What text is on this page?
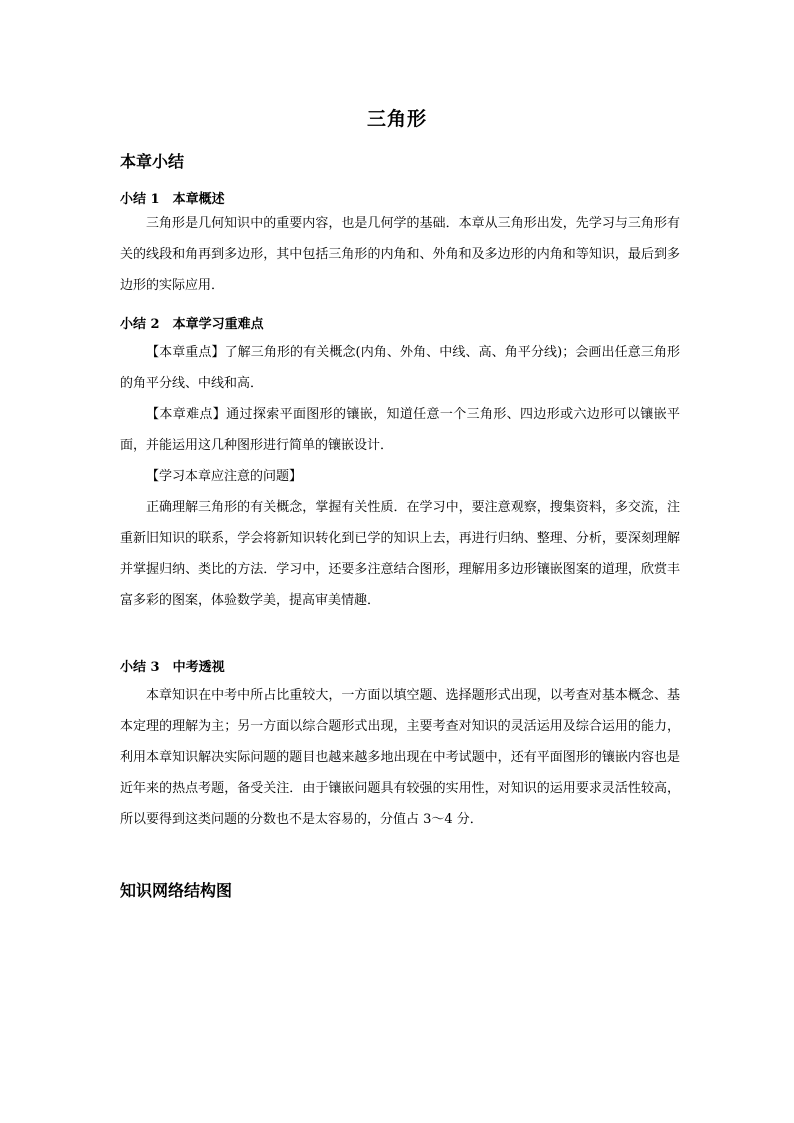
三角形
本章小结
小结 1　本章概述
三角形是几何知识中的重要内容，也是几何学的基础．本章从三角形出发，先学习与三角形有关的线段和角再到多边形，其中包括三角形的内角和、外角和及多边形的内角和等知识，最后到多边形的实际应用．
小结 2　本章学习重难点
【本章重点】了解三角形的有关概念(内角、外角、中线、高、角平分线)；会画出任意三角形的角平分线、中线和高．
【本章难点】通过探索平面图形的镶嵌，知道任意一个三角形、四边形或六边形可以镶嵌平面，并能运用这几种图形进行简单的镶嵌设计．
【学习本章应注意的问题】
正确理解三角形的有关概念，掌握有关性质．在学习中，要注意观察，搜集资料，多交流，注重新旧知识的联系，学会将新知识转化到已学的知识上去，再进行归纳、整理、分析，要深刻理解并掌握归纳、类比的方法．学习中，还要多注意结合图形，理解用多边形镶嵌图案的道理，欣赏丰富多彩的图案，体验数学美，提高审美情趣．
小结 3　中考透视
本章知识在中考中所占比重较大，一方面以填空题、选择题形式出现，以考查对基本概念、基本定理的理解为主；另一方面以综合题形式出现，主要考查对知识的灵活运用及综合运用的能力，利用本章知识解决实际问题的题目也越来越多地出现在中考试题中，还有平面图形的镶嵌内容也是近年来的热点考题，备受关注．由于镶嵌问题具有较强的实用性，对知识的运用要求灵活性较高，所以要得到这类问题的分数也不是太容易的，分值占 3～4 分．
知识网络结构图
